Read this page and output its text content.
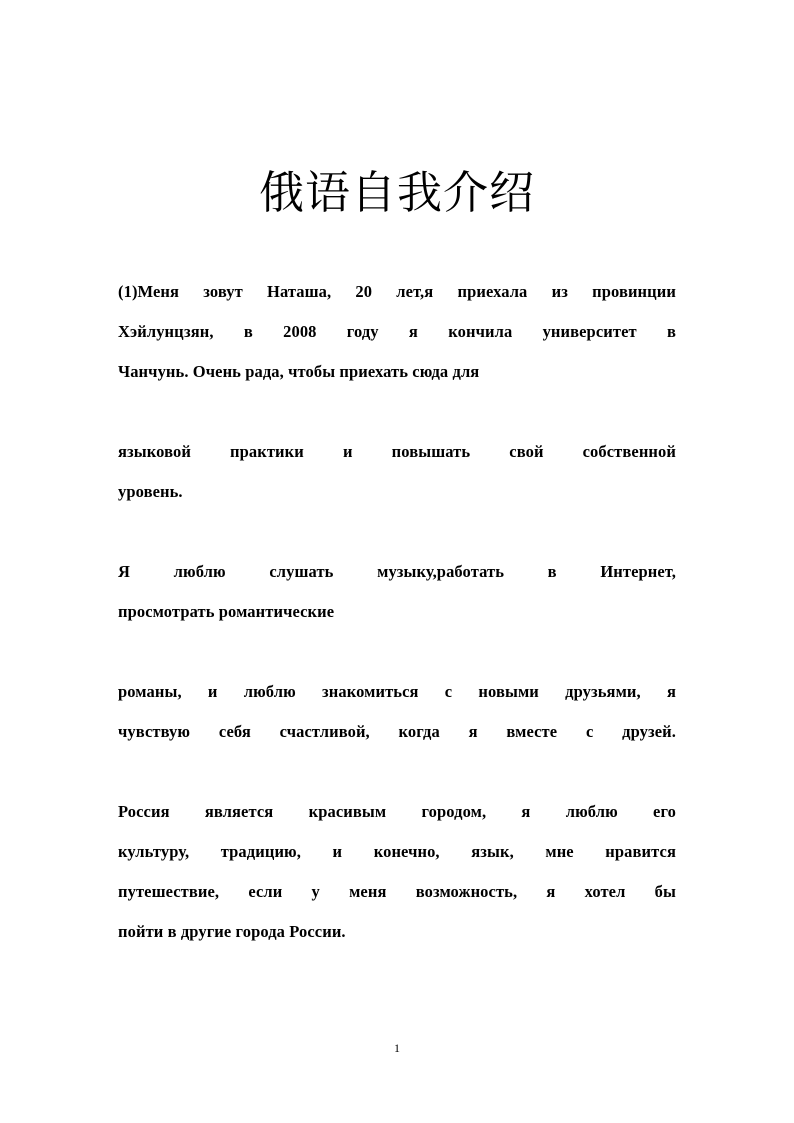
俄语自我介绍

(1)Меня зовут Наташа, 20 лет,я приехала из провинции
Хэйлунцзян, в 2008 году я кончила университет в
Чанчунь. Очень рада, чтобы приехать сюда для

языковой практики и повышать свой собственной
уровень.

Я люблю слушать музыку,работать в Интернет,
просмотрать романтические

романы, и люблю знакомиться с новыми друзьями, я
чувствую себя счастливой, когда я вместе с друзей.

Россия является красивым городом, я люблю его
культуру, традицию, и конечно, язык, мне нравится
путешествие, если у меня возможность, я хотел бы
пойти в другие города России.

1
